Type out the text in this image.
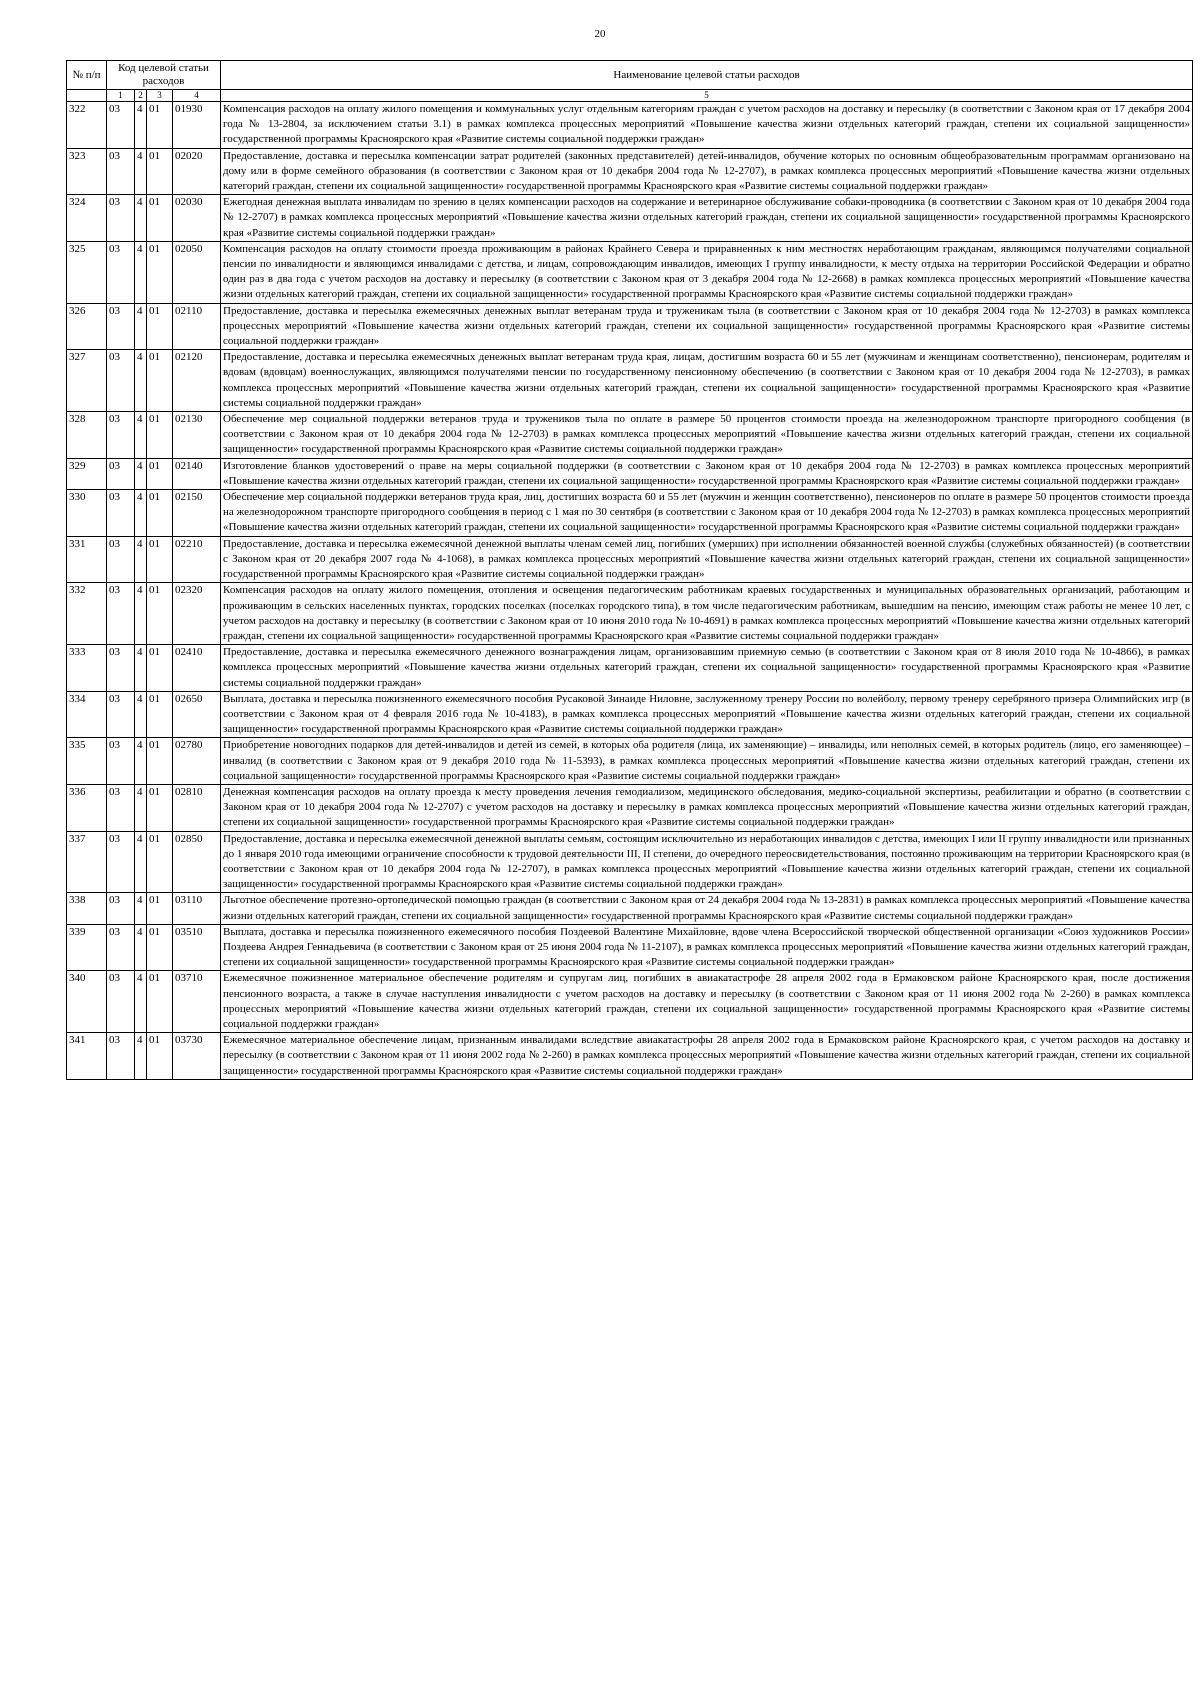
20
№ п/п	Код целевой статьи расходов				Наименование целевой статьи расходов
	1	2	3	4	5
322	03	4	01	01930	Компенсация расходов на оплату жилого помещения и коммунальных услуг отдельным категориям граждан с учетом расходов на доставку и пересылку (в соответствии с Законом края от 17 декабря 2004 года № 13-2804, за исключением статьи 3.1) в рамках комплекса процессных мероприятий «Повышение качества жизни отдельных категорий граждан, степени их социальной защищенности» государственной программы Красноярского края «Развитие системы социальной поддержки граждан»
323	03	4	01	02020	Предоставление, доставка и пересылка компенсации затрат родителей (законных представителей) детей-инвалидов, обучение которых по основным общеобразовательным программам организовано на дому или в форме семейного образования (в соответствии с Законом края от 10 декабря 2004 года № 12-2707), в рамках комплекса процессных мероприятий «Повышение качества жизни отдельных категорий граждан, степени их социальной защищенности» государственной программы Красноярского края «Развитие системы социальной поддержки граждан»
324	03	4	01	02030	Ежегодная денежная выплата инвалидам по зрению в целях компенсации расходов на содержание и ветеринарное обслуживание собаки-проводника (в соответствии с Законом края от 10 декабря 2004 года № 12-2707) в рамках комплекса процессных мероприятий «Повышение качества жизни отдельных категорий граждан, степени их социальной защищенности» государственной программы Красноярского края «Развитие системы социальной поддержки граждан»
325	03	4	01	02050	Компенсация расходов на оплату стоимости проезда проживающим в районах Крайнего Севера и приравненных к ним местностях неработающим гражданам, являющимся получателями социальной пенсии по инвалидности и являющимся инвалидами с детства, и лицам, сопровождающим инвалидов, имеющих I группу инвалидности, к месту отдыха на территории Российской Федерации и обратно один раз в два года с учетом расходов на доставку и пересылку (в соответствии с Законом края от 3 декабря 2004 года № 12-2668) в рамках комплекса процессных мероприятий «Повышение качества жизни отдельных категорий граждан, степени их социальной защищенности» государственной программы Красноярского края «Развитие системы социальной поддержки граждан»
326	03	4	01	02110	Предоставление, доставка и пересылка ежемесячных денежных выплат ветеранам труда и труженикам тыла (в соответствии с Законом края от 10 декабря 2004 года № 12-2703) в рамках комплекса процессных мероприятий «Повышение качества жизни отдельных категорий граждан, степени их социальной защищенности» государственной программы Красноярского края «Развитие системы социальной поддержки граждан»
327	03	4	01	02120	Предоставление, доставка и пересылка ежемесячных денежных выплат ветеранам труда края, лицам, достигшим возраста 60 и 55 лет (мужчинам и женщинам соответственно), пенсионерам, родителям и вдовам (вдовцам) военнослужащих, являющимся получателями пенсии по государственному пенсионному обеспечению (в соответствии с Законом края от 10 декабря 2004 года № 12-2703), в рамках комплекса процессных мероприятий «Повышение качества жизни отдельных категорий граждан, степени их социальной защищенности» государственной программы Красноярского края «Развитие системы социальной поддержки граждан»
328	03	4	01	02130	Обеспечение мер социальной поддержки ветеранов труда и тружеников тыла по оплате в размере 50 процентов стоимости проезда на железнодорожном транспорте пригородного сообщения (в соответствии с Законом края от 10 декабря 2004 года № 12-2703) в рамках комплекса процессных мероприятий «Повышение качества жизни отдельных категорий граждан, степени их социальной защищенности» государственной программы Красноярского края «Развитие системы социальной поддержки граждан»
329	03	4	01	02140	Изготовление бланков удостоверений о праве на меры социальной поддержки (в соответствии с Законом края от 10 декабря 2004 года № 12-2703) в рамках комплекса процессных мероприятий «Повышение качества жизни отдельных категорий граждан, степени их социальной защищенности» государственной программы Красноярского края «Развитие системы социальной поддержки граждан»
330	03	4	01	02150	Обеспечение мер социальной поддержки ветеранов труда края, лиц, достигших возраста 60 и 55 лет (мужчин и женщин соответственно), пенсионеров по оплате в размере 50 процентов стоимости проезда на железнодорожном транспорте пригородного сообщения в период с 1 мая по 30 сентября (в соответствии с Законом края от 10 декабря 2004 года № 12-2703) в рамках комплекса процессных мероприятий «Повышение качества жизни отдельных категорий граждан, степени их социальной защищенности» государственной программы Красноярского края «Развитие системы социальной поддержки граждан»
331	03	4	01	02210	Предоставление, доставка и пересылка ежемесячной денежной выплаты членам семей лиц, погибших (умерших) при исполнении обязанностей военной службы (служебных обязанностей) (в соответствии с Законом края от 20 декабря 2007 года № 4-1068), в рамках комплекса процессных мероприятий «Повышение качества жизни отдельных категорий граждан, степени их социальной защищенности» государственной программы Красноярского края «Развитие системы социальной поддержки граждан»
332	03	4	01	02320	Компенсация расходов на оплату жилого помещения, отопления и освещения педагогическим работникам краевых государственных и муниципальных образовательных организаций, работающим и проживающим в сельских населенных пунктах, городских поселках (поселках городского типа), в том числе педагогическим работникам, вышедшим на пенсию, имеющим стаж работы не менее 10 лет, с учетом расходов на доставку и пересылку (в соответствии с Законом края от 10 июня 2010 года № 10-4691) в рамках комплекса процессных мероприятий «Повышение качества жизни отдельных категорий граждан, степени их социальной защищенности» государственной программы Красноярского края «Развитие системы социальной поддержки граждан»
333	03	4	01	02410	Предоставление, доставка и пересылка ежемесячного денежного вознаграждения лицам, организовавшим приемную семью (в соответствии с Законом края от 8 июля 2010 года № 10-4866), в рамках комплекса процессных мероприятий «Повышение качества жизни отдельных категорий граждан, степени их социальной защищенности» государственной программы Красноярского края «Развитие системы социальной поддержки граждан»
334	03	4	01	02650	Выплата, доставка и пересылка пожизненного ежемесячного пособия Русаковой Зинаиде Ниловне, заслуженному тренеру России по волейболу, первому тренеру серебряного призера Олимпийских игр (в соответствии с Законом края от 4 февраля 2016 года № 10-4183), в рамках комплекса процессных мероприятий «Повышение качества жизни отдельных категорий граждан, степени их социальной защищенности» государственной программы Красноярского края «Развитие системы социальной поддержки граждан»
335	03	4	01	02780	Приобретение новогодних подарков для детей-инвалидов и детей из семей, в которых оба родителя (лица, их заменяющие) – инвалиды, или неполных семей, в которых родитель (лицо, его заменяющее) – инвалид (в соответствии с Законом края от 9 декабря 2010 года № 11-5393), в рамках комплекса процессных мероприятий «Повышение качества жизни отдельных категорий граждан, степени их социальной защищенности» государственной программы Красноярского края «Развитие системы социальной поддержки граждан»
336	03	4	01	02810	Денежная компенсация расходов на оплату проезда к месту проведения лечения гемодиализом, медицинского обследования, медико-социальной экспертизы, реабилитации и обратно (в соответствии с Законом края от 10 декабря 2004 года № 12-2707) с учетом расходов на доставку и пересылку в рамках комплекса процессных мероприятий «Повышение качества жизни отдельных категорий граждан, степени их социальной защищенности» государственной программы Красноярского края «Развитие системы социальной поддержки граждан»
337	03	4	01	02850	Предоставление, доставка и пересылка ежемесячной денежной выплаты семьям, состоящим исключительно из неработающих инвалидов с детства, имеющих I или II группу инвалидности или признанных до 1 января 2010 года имеющими ограничение способности к трудовой деятельности III, II степени, до очередного переосвидетельствования, постоянно проживающим на территории Красноярского края (в соответствии с Законом края от 10 декабря 2004 года № 12-2707), в рамках комплекса процессных мероприятий «Повышение качества жизни отдельных категорий граждан, степени их социальной защищенности» государственной программы Красноярского края «Развитие системы социальной поддержки граждан»
338	03	4	01	03110	Льготное обеспечение протезно-ортопедической помощью граждан (в соответствии с Законом края от 24 декабря 2004 года № 13-2831) в рамках комплекса процессных мероприятий «Повышение качества жизни отдельных категорий граждан, степени их социальной защищенности» государственной программы Красноярского края «Развитие системы социальной поддержки граждан»
339	03	4	01	03510	Выплата, доставка и пересылка пожизненного ежемесячного пособия Поздеевой Валентине Михайловне, вдове члена Всероссийской творческой общественной организации «Союз художников России» Поздеева Андрея Геннадьевича (в соответствии с Законом края от 25 июня 2004 года № 11-2107), в рамках комплекса процессных мероприятий «Повышение качества жизни отдельных категорий граждан, степени их социальной защищенности» государственной программы Красноярского края «Развитие системы социальной поддержки граждан»
340	03	4	01	03710	Ежемесячное пожизненное материальное обеспечение родителям и супругам лиц, погибших в авиакатастрофе 28 апреля 2002 года в Ермаковском районе Красноярского края, после достижения пенсионного возраста, а также в случае наступления инвалидности с учетом расходов на доставку и пересылку (в соответствии с Законом края от 11 июня 2002 года № 2-260) в рамках комплекса процессных мероприятий «Повышение качества жизни отдельных категорий граждан, степени их социальной защищенности» государственной программы Красноярского края «Развитие системы социальной поддержки граждан»
341	03	4	01	03730	Ежемесячное материальное обеспечение лицам, признанным инвалидами вследствие авиакатастрофы 28 апреля 2002 года в Ермаковском районе Красноярского края, с учетом расходов на доставку и пересылку (в соответствии с Законом края от 11 июня 2002 года № 2-260) в рамках комплекса процессных мероприятий «Повышение качества жизни отдельных категорий граждан, степени их социальной защищенности» государственной программы Красноярского края «Развитие системы социальной поддержки граждан»
